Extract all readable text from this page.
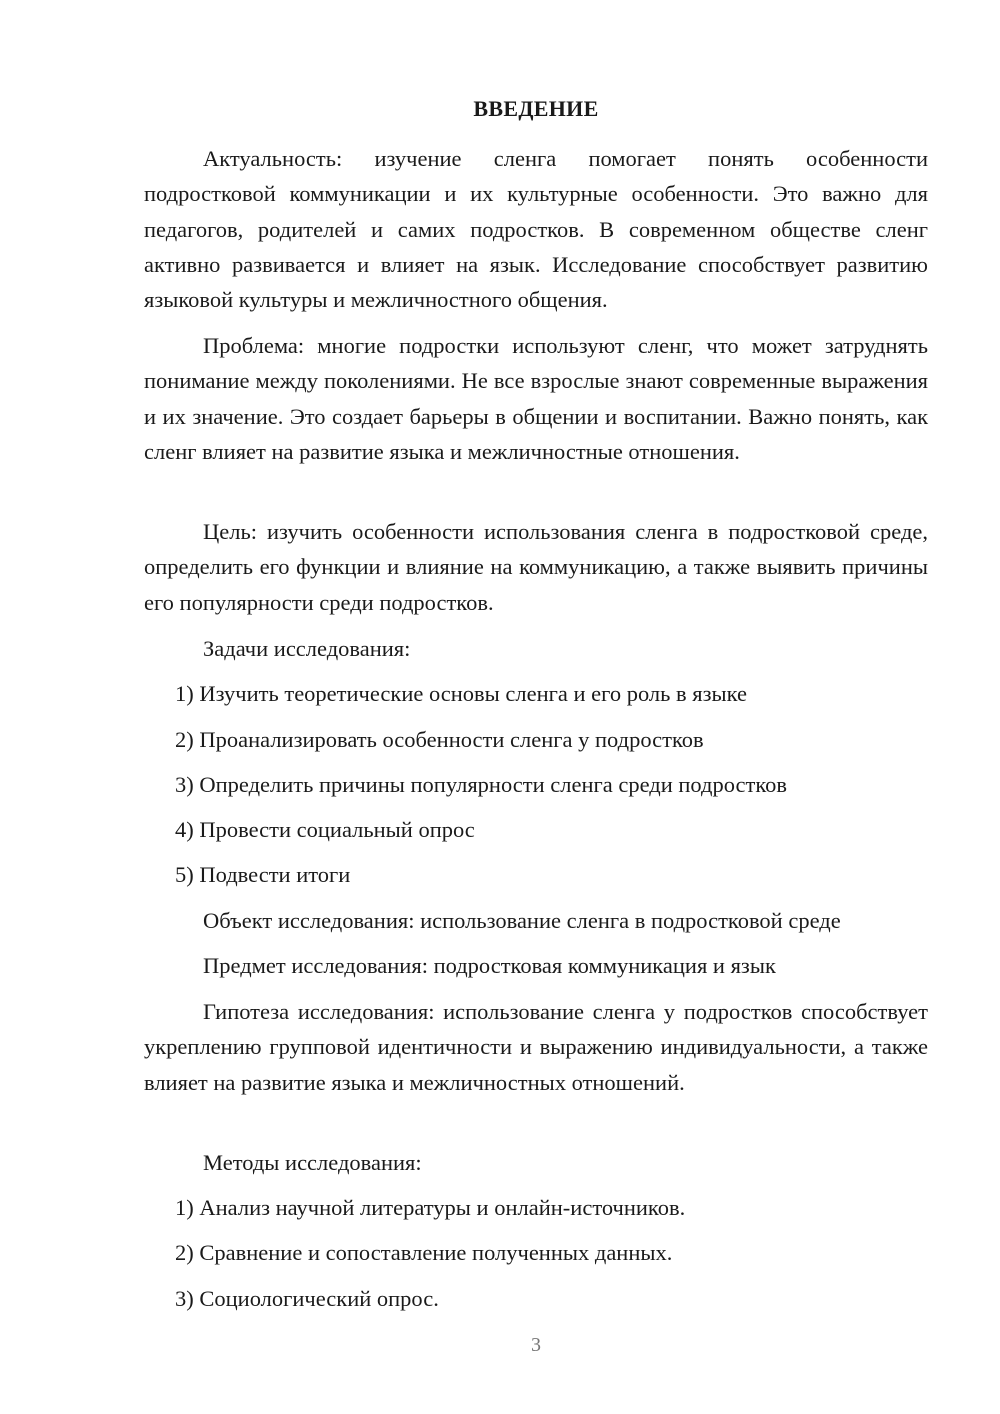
ВВЕДЕНИЕ

Актуальность: изучение сленга помогает понять особенности подростковой коммуникации и их культурные особенности. Это важно для педагогов, родителей и самих подростков. В современном обществе сленг активно развивается и влияет на язык. Исследование способствует развитию языковой культуры и межличностного общения.

Проблема: многие подростки используют сленг, что может затруднять понимание между поколениями. Не все взрослые знают современные выражения и их значение. Это создает барьеры в общении и воспитании. Важно понять, как сленг влияет на развитие языка и межличностные отношения.

Цель: изучить особенности использования сленга в подростковой среде, определить его функции и влияние на коммуникацию, а также выявить причины его популярности среди подростков.

Задачи исследования:

1) Изучить теоретические основы сленга и его роль в языке

2) Проанализировать особенности сленга у подростков

3) Определить причины популярности сленга среди подростков

4) Провести социальный опрос

5) Подвести итоги

Объект исследования: использование сленга в подростковой среде

Предмет исследования: подростковая коммуникация и язык

Гипотеза исследования: использование сленга у подростков способствует укреплению групповой идентичности и выражению индивидуальности, а также влияет на развитие языка и межличностных отношений.

Методы исследования:

1) Анализ научной литературы и онлайн-источников.

2) Сравнение и сопоставление полученных данных.

3) Социологический опрос.

3
